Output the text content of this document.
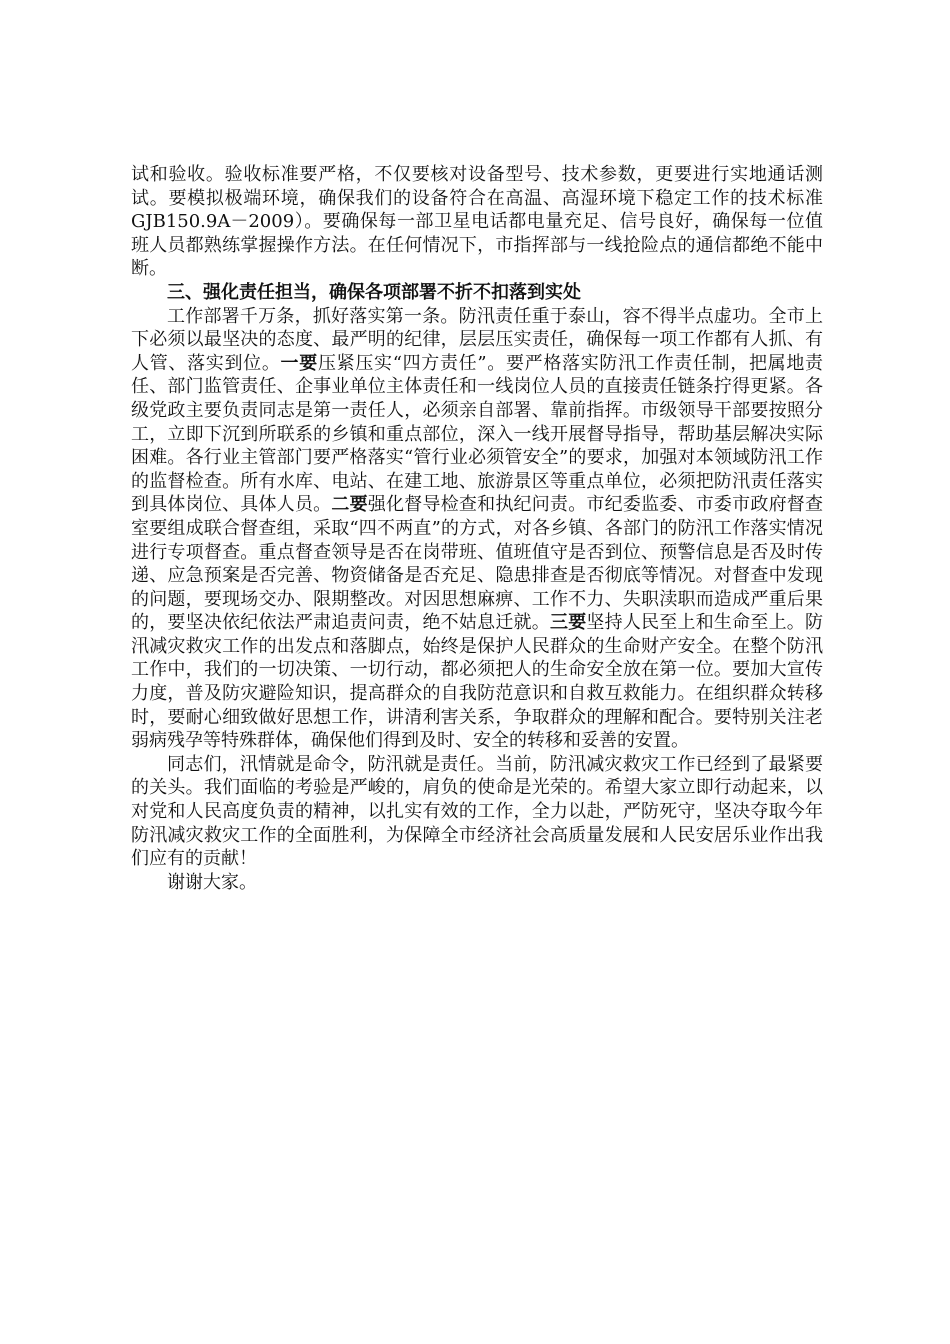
试和验收。验收标准要严格，不仅要核对设备型号、技术参数，更要进行实地通话测试。要模拟极端环境，确保我们的设备符合在高温、高湿环境下稳定工作的技术标准GJB150.9A－2009）。要确保每一部卫星电话都电量充足、信号良好，确保每一位值班人员都熟练掌握操作方法。在任何情况下，市指挥部与一线抢险点的通信都绝不能中断。

三、强化责任担当，确保各项部署不折不扣落到实处

工作部署千万条，抓好落实第一条。防汛责任重于泰山，容不得半点虚功。全市上下必须以最坚决的态度、最严明的纪律，层层压实责任，确保每一项工作都有人抓、有人管、落实到位。一要压紧压实“四方责任”。要严格落实防汛工作责任制，把属地责任、部门监管责任、企事业单位主体责任和一线岗位人员的直接责任链条拧得更紧。各级党政主要负责同志是第一责任人，必须亲自部署、靠前指挥。市级领导干部要按照分工，立即下沉到所联系的乡镇和重点部位，深入一线开展督导指导，帮助基层解决实际困难。各行业主管部门要严格落实“管行业必须管安全”的要求，加强对本领域防汛工作的监督检查。所有水库、电站、在建工地、旅游景区等重点单位，必须把防汛责任落实到具体岗位、具体人员。二要强化督导检查和执纪问责。市纪委监委、市委市政府督查室要组成联合督查组，采取“四不两直”的方式，对各乡镇、各部门的防汛工作落实情况进行专项督查。重点督查领导是否在岗带班、值班值守是否到位、预警信息是否及时传递、应急预案是否完善、物资储备是否充足、隐患排查是否彻底等情况。对督查中发现的问题，要现场交办、限期整改。对因思想麻痹、工作不力、失职渎职而造成严重后果的，要坚决依纪依法严肃追责问责，绝不姑息迁就。三要坚持人民至上和生命至上。防汛减灾救灾工作的出发点和落脚点，始终是保护人民群众的生命财产安全。在整个防汛工作中，我们的一切决策、一切行动，都必须把人的生命安全放在第一位。要加大宣传力度，普及防灾避险知识，提高群众的自我防范意识和自救互救能力。在组织群众转移时，要耐心细致做好思想工作，讲清利害关系，争取群众的理解和配合。要特别关注老弱病残孕等特殊群体，确保他们得到及时、安全的转移和妥善的安置。

同志们，汛情就是命令，防汛就是责任。当前，防汛减灾救灾工作已经到了最紧要的关头。我们面临的考验是严峻的，肩负的使命是光荣的。希望大家立即行动起来，以对党和人民高度负责的精神，以扎实有效的工作，全力以赴，严防死守，坚决夺取今年防汛减灾救灾工作的全面胜利，为保障全市经济社会高质量发展和人民安居乐业作出我们应有的贡献！

谢谢大家。
